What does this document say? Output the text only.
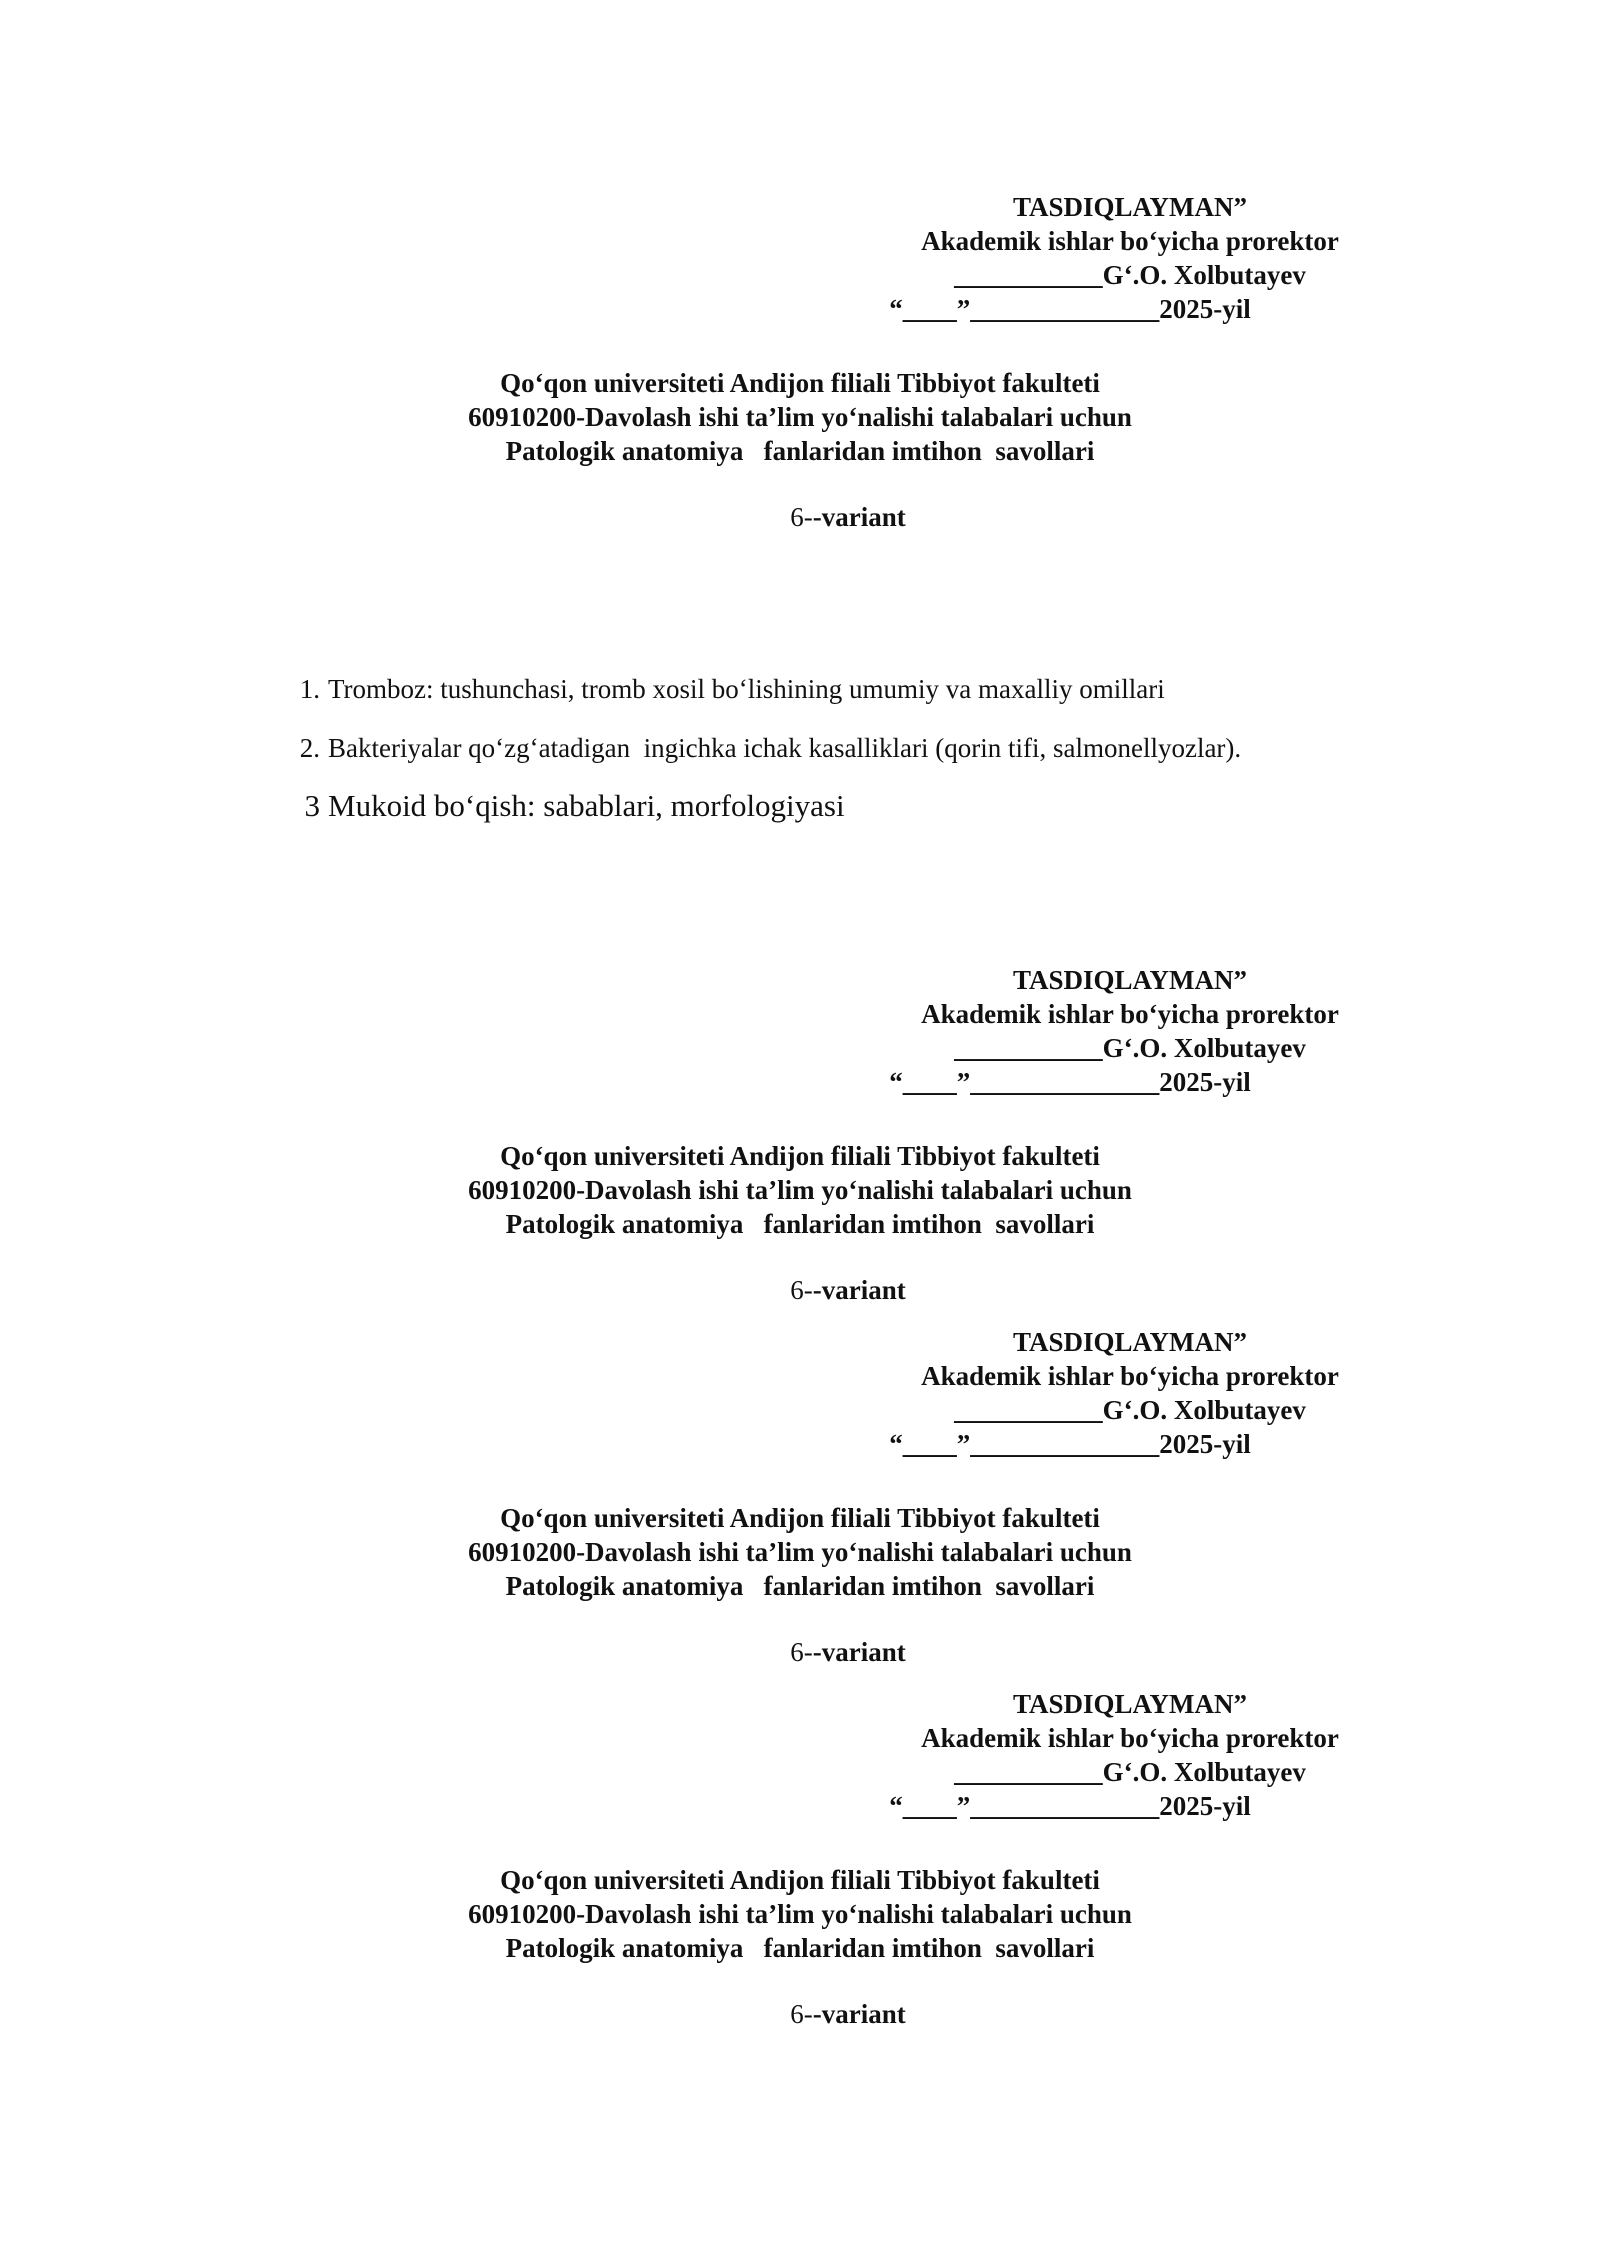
TASDIQLAYMAN”
Akademik ishlar bo‘yicha prorektor
___________G‘.O. Xolbutayev
“____”______________2025-yil
Qo‘qon universiteti Andijon filiali Tibbiyot fakulteti
60910200-Davolash ishi ta’lim yo‘nalishi talabalari uchun
Patologik anatomiya   fanlaridan imtihon  savollari
6--variant
1. Tromboz: tushunchasi, tromb xosil bo‘lishining umumiy va maxalliy omillari
2. Bakteriyalar qo‘zg‘atadigan  ingichka ichak kasalliklari (qorin tifi, salmonellyozlar).
3 Mukoid bo‘qish: sabablari, morfologiyasi
TASDIQLAYMAN”
Akademik ishlar bo‘yicha prorektor
___________G‘.O. Xolbutayev
“____”______________2025-yil
Qo‘qon universiteti Andijon filiali Tibbiyot fakulteti
60910200-Davolash ishi ta’lim yo‘nalishi talabalari uchun
Patologik anatomiya   fanlaridan imtihon  savollari
6--variant
TASDIQLAYMAN”
Akademik ishlar bo‘yicha prorektor
___________G‘.O. Xolbutayev
“____”______________2025-yil
Qo‘qon universiteti Andijon filiali Tibbiyot fakulteti
60910200-Davolash ishi ta’lim yo‘nalishi talabalari uchun
Patologik anatomiya   fanlaridan imtihon  savollari
6--variant
TASDIQLAYMAN”
Akademik ishlar bo‘yicha prorektor
___________G‘.O. Xolbutayev
“____”______________2025-yil
Qo‘qon universiteti Andijon filiali Tibbiyot fakulteti
60910200-Davolash ishi ta’lim yo‘nalishi talabalari uchun
Patologik anatomiya   fanlaridan imtihon  savollari
6--variant
